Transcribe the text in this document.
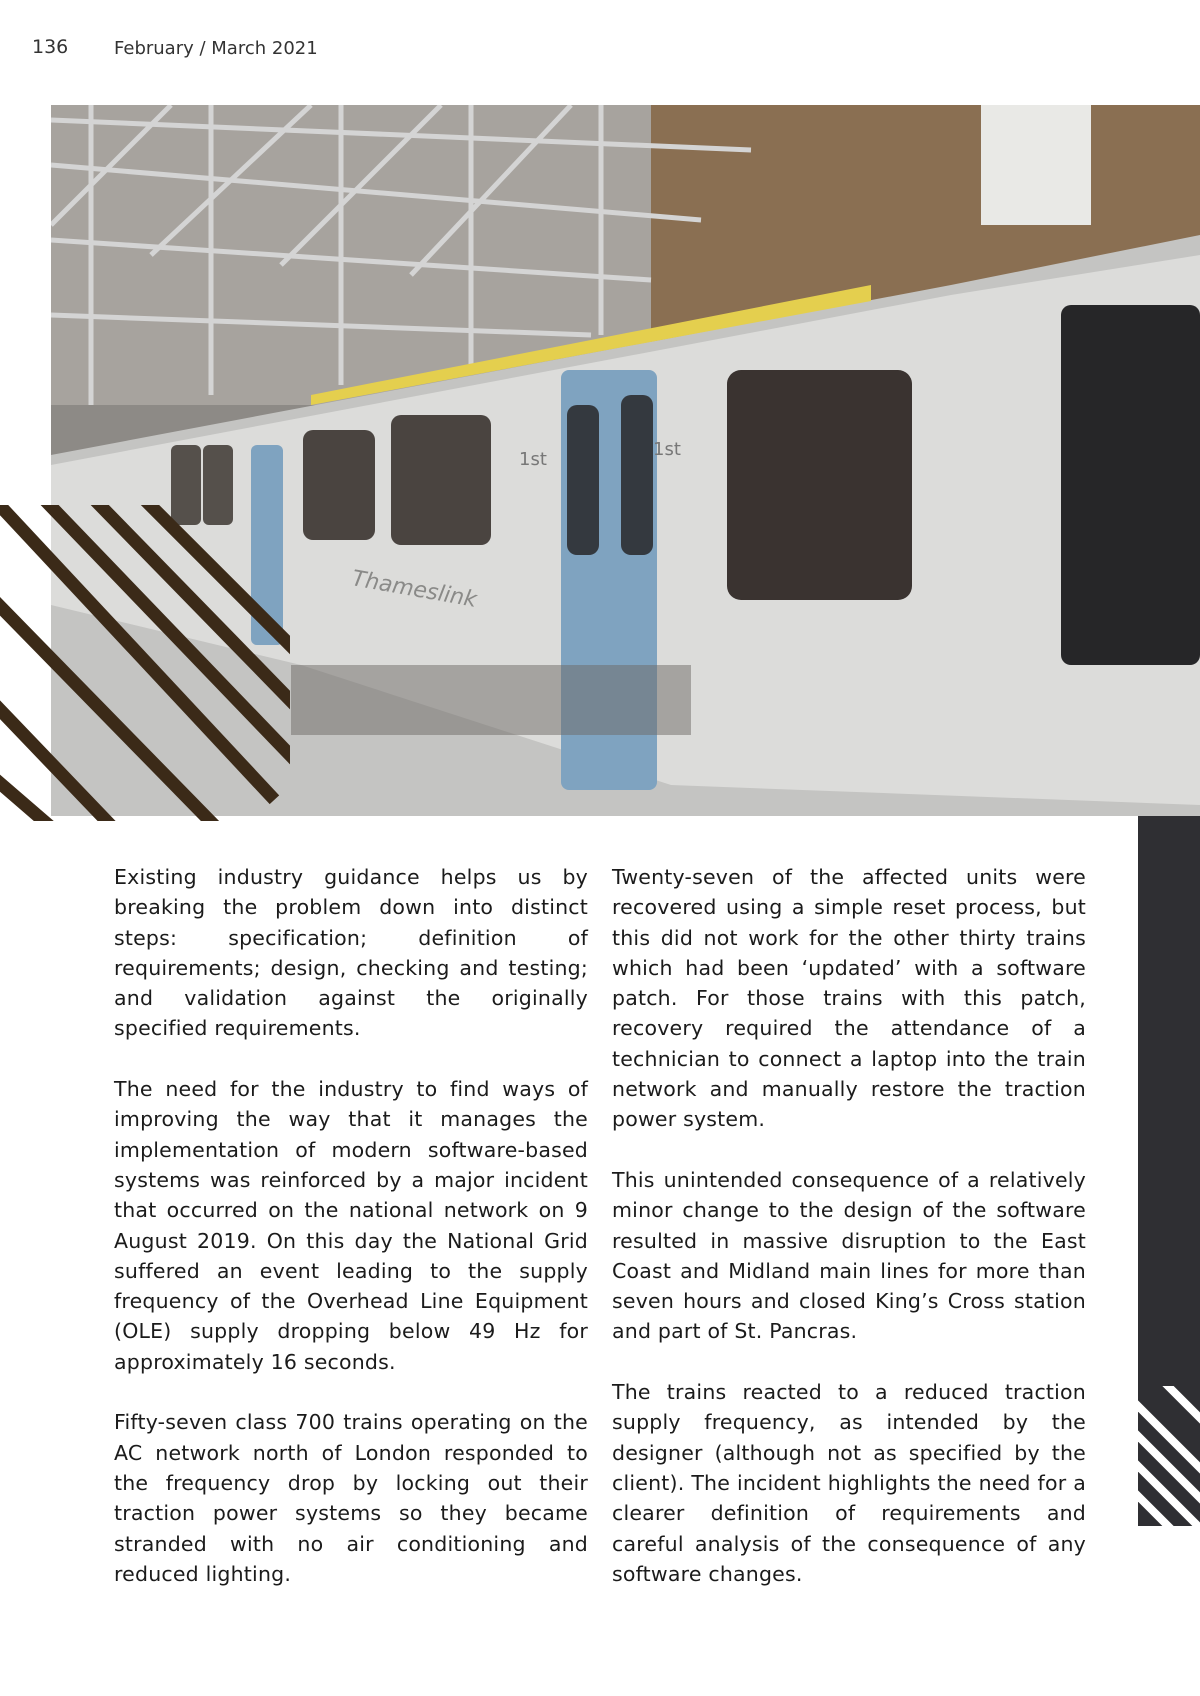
136	February / March 2021
Thameslink
1st	1st

Existing industry guidance helps us by breaking the problem down into distinct steps: specification; definition of requirements; design, checking and testing; and validation against the originally specified requirements.

The need for the industry to find ways of improving the way that it manages the implementation of modern software-based systems was reinforced by a major incident that occurred on the national network on 9 August 2019. On this day the National Grid suffered an event leading to the supply frequency of the Overhead Line Equipment (OLE) supply dropping below 49 Hz for approximately 16 seconds.

Fifty-seven class 700 trains operating on the AC network north of London responded to the frequency drop by locking out their traction power systems so they became stranded with no air conditioning and reduced lighting.

Twenty-seven of the affected units were recovered using a simple reset process, but this did not work for the other thirty trains which had been ‘updated’ with a software patch. For those trains with this patch, recovery required the attendance of a technician to connect a laptop into the train network and manually restore the traction power system.

This unintended consequence of a relatively minor change to the design of the software resulted in massive disruption to the East Coast and Midland main lines for more than seven hours and closed King’s Cross station and part of St. Pancras.

The trains reacted to a reduced traction supply frequency, as intended by the designer (although not as specified by the client). The incident highlights the need for a clearer definition of requirements and careful analysis of the consequence of any software changes.
